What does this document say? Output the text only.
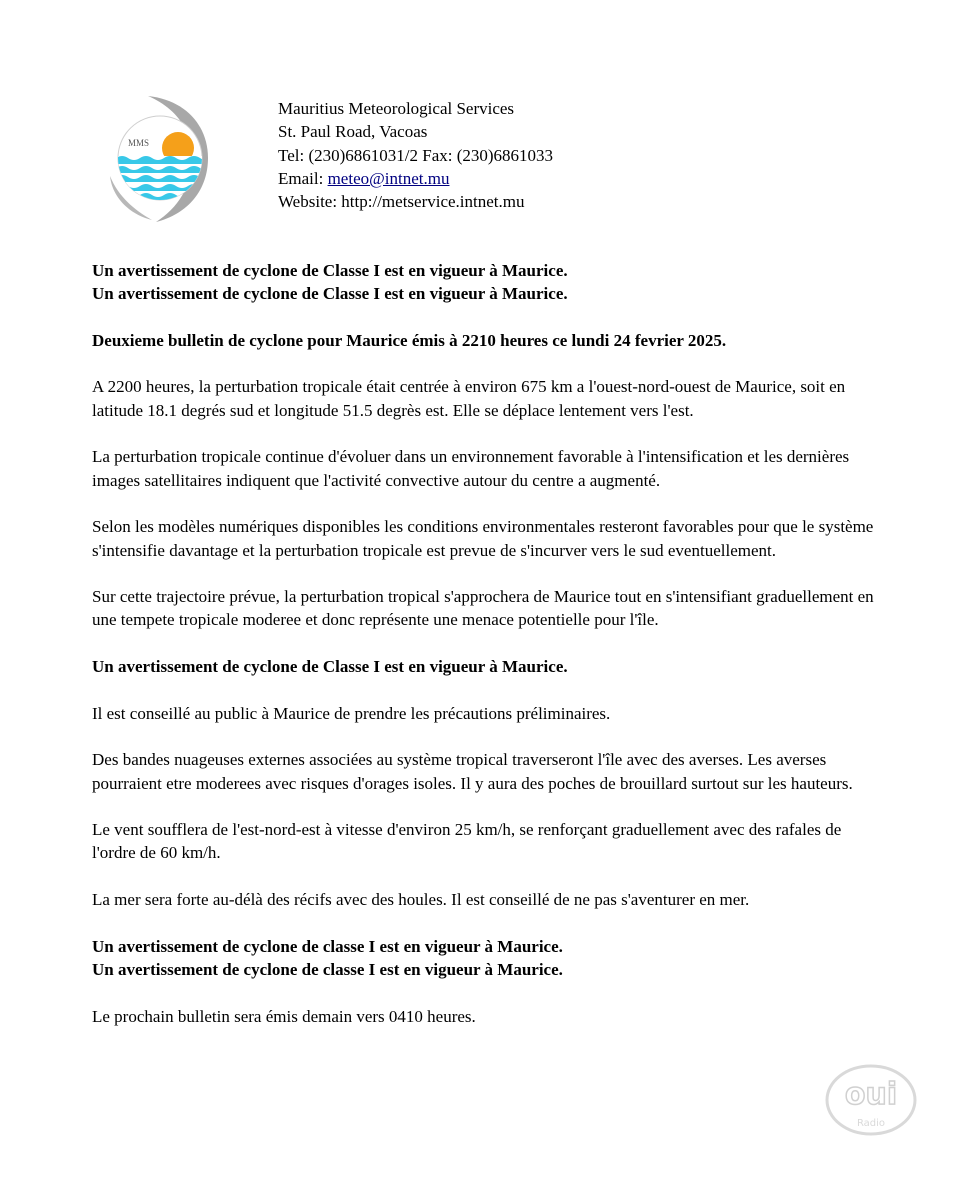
MMS
Mauritius Meteorological Services
St. Paul Road, Vacoas
Tel: (230)6861031/2 Fax: (230)6861033
Email: meteo@intnet.mu
Website: http://metservice.intnet.mu

Un avertissement de cyclone de Classe I est en vigueur à Maurice.
Un avertissement de cyclone de Classe I est en vigueur à Maurice.

Deuxieme bulletin de cyclone pour Maurice émis à 2210 heures ce lundi 24 fevrier 2025.

A 2200 heures, la perturbation tropicale était centrée à environ 675 km a l'ouest-nord-ouest de Maurice, soit en latitude 18.1 degrés sud et longitude 51.5 degrès est. Elle se déplace lentement vers l'est.

La perturbation tropicale continue d'évoluer dans un environnement favorable à l'intensification et les dernières images satellitaires indiquent que l'activité convective autour du centre a augmenté.

Selon les modèles numériques disponibles les conditions environmentales resteront favorables pour que le système s'intensifie davantage et la perturbation tropicale est prevue de s'incurver vers le sud eventuellement.

Sur cette trajectoire prévue, la perturbation tropical s'approchera de Maurice tout en s'intensifiant graduellement en une tempete tropicale moderee et donc représente une menace potentielle pour l'île.

Un avertissement de cyclone de Classe I est en vigueur à Maurice.

Il est conseillé au public à Maurice de prendre les précautions préliminaires.

Des bandes nuageuses externes associées au système tropical traverseront l'île avec des averses. Les averses pourraient etre moderees avec risques d'orages isoles. Il y aura des poches de brouillard surtout sur les hauteurs.

Le vent soufflera de l'est-nord-est à vitesse d'environ 25 km/h, se renforçant graduellement avec des rafales de l'ordre de 60 km/h.

La mer sera forte au-délà des récifs avec des houles. Il est conseillé de ne pas s'aventurer en mer.

Un avertissement de cyclone de classe I est en vigueur à Maurice.
Un avertissement de cyclone de classe I est en vigueur à Maurice.

Le prochain bulletin sera émis demain vers 0410 heures.

oui
Radio
